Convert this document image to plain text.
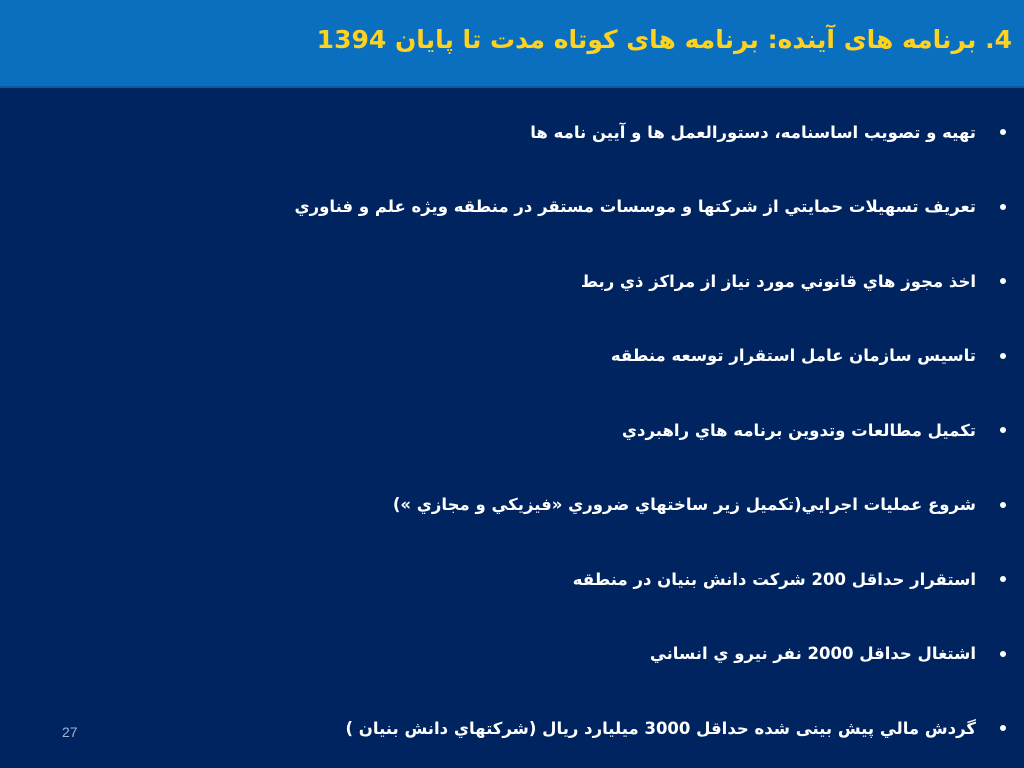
4. برنامه های آینده: برنامه های کوتاه مدت تا پایان 1394
تهیه و تصویب اساسنامه، دستورالعمل ها و آیین نامه ها
تعريف تسهيلات حمايتي از شرکتها و موسسات مستقر در منطقه ويژه علم و فناوري
اخذ مجوز هاي قانوني مورد نياز از مراکز ذي ربط
تاسیس سازمان عامل استقرار توسعه منطقه
تكميل مطالعات وتدوين برنامه هاي راهبردي
شروع عمليات اجرايي(تكميل زير ساختهاي ضروري «فيزيكي و مجازي »)
استقرار حداقل 200 شركت دانش بنيان در منطقه
اشتغال حداقل 2000 نفر نيرو ي انساني
گردش مالي پيش بینی شده حداقل 3000 ميليارد ريال (شركتهاي دانش بنيان )
27
